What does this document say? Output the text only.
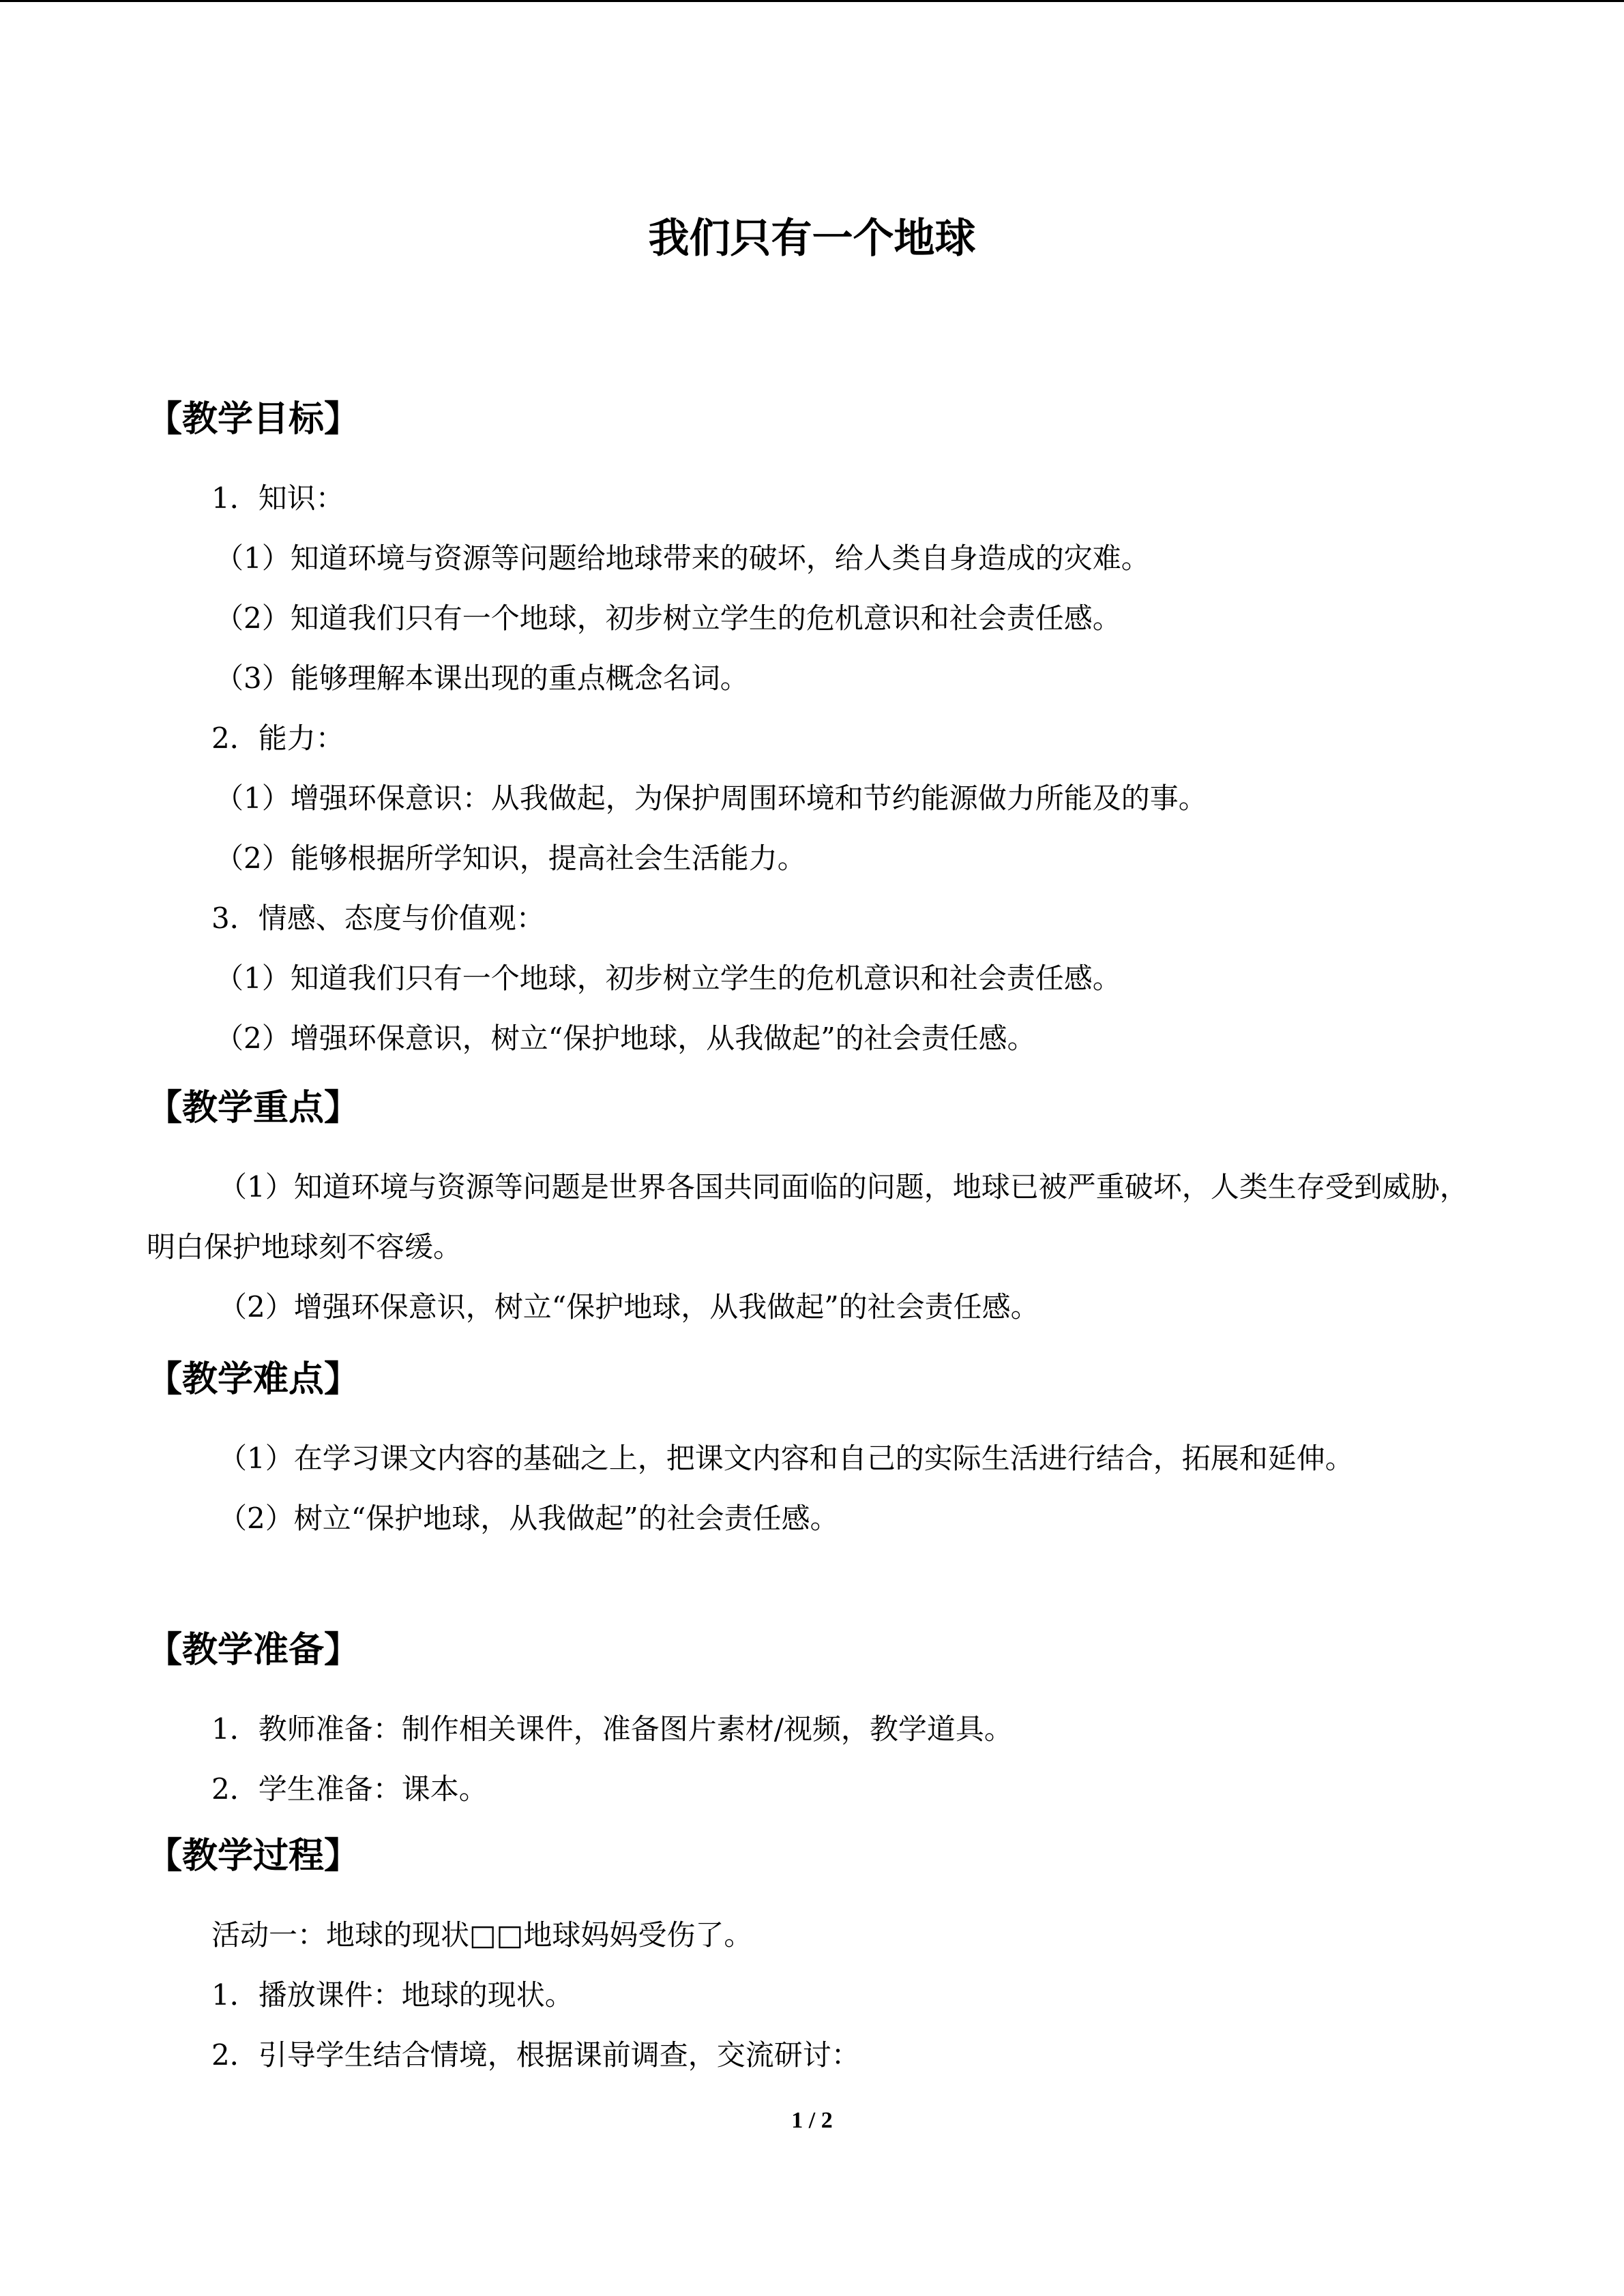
我们只有一个地球
【教学目标】

1．知识：

（1）知道环境与资源等问题给地球带来的破坏，给人类自身造成的灾难。

（2）知道我们只有一个地球，初步树立学生的危机意识和社会责任感。

（3）能够理解本课出现的重点概念名词。

2．能力：

（1）增强环保意识：从我做起，为保护周围环境和节约能源做力所能及的事。

（2）能够根据所学知识，提高社会生活能力。

3．情感、态度与价值观：

（1）知道我们只有一个地球，初步树立学生的危机意识和社会责任感。

（2）增强环保意识，树立“保护地球，从我做起”的社会责任感。

【教学重点】

（1）知道环境与资源等问题是世界各国共同面临的问题，地球已被严重破坏，人类生存受到威胁，明白保护地球刻不容缓。

（2）增强环保意识，树立“保护地球，从我做起”的社会责任感。

【教学难点】

（1）在学习课文内容的基础之上，把课文内容和自己的实际生活进行结合，拓展和延伸。

（2）树立“保护地球，从我做起”的社会责任感。

【教学准备】

1．教师准备：制作相关课件，准备图片素材/视频，教学道具。

2．学生准备：课本。

【教学过程】

活动一：地球的现状□□地球妈妈受伤了。

1．播放课件：地球的现状。

2．引导学生结合情境，根据课前调查，交流研讨：

1 / 2
